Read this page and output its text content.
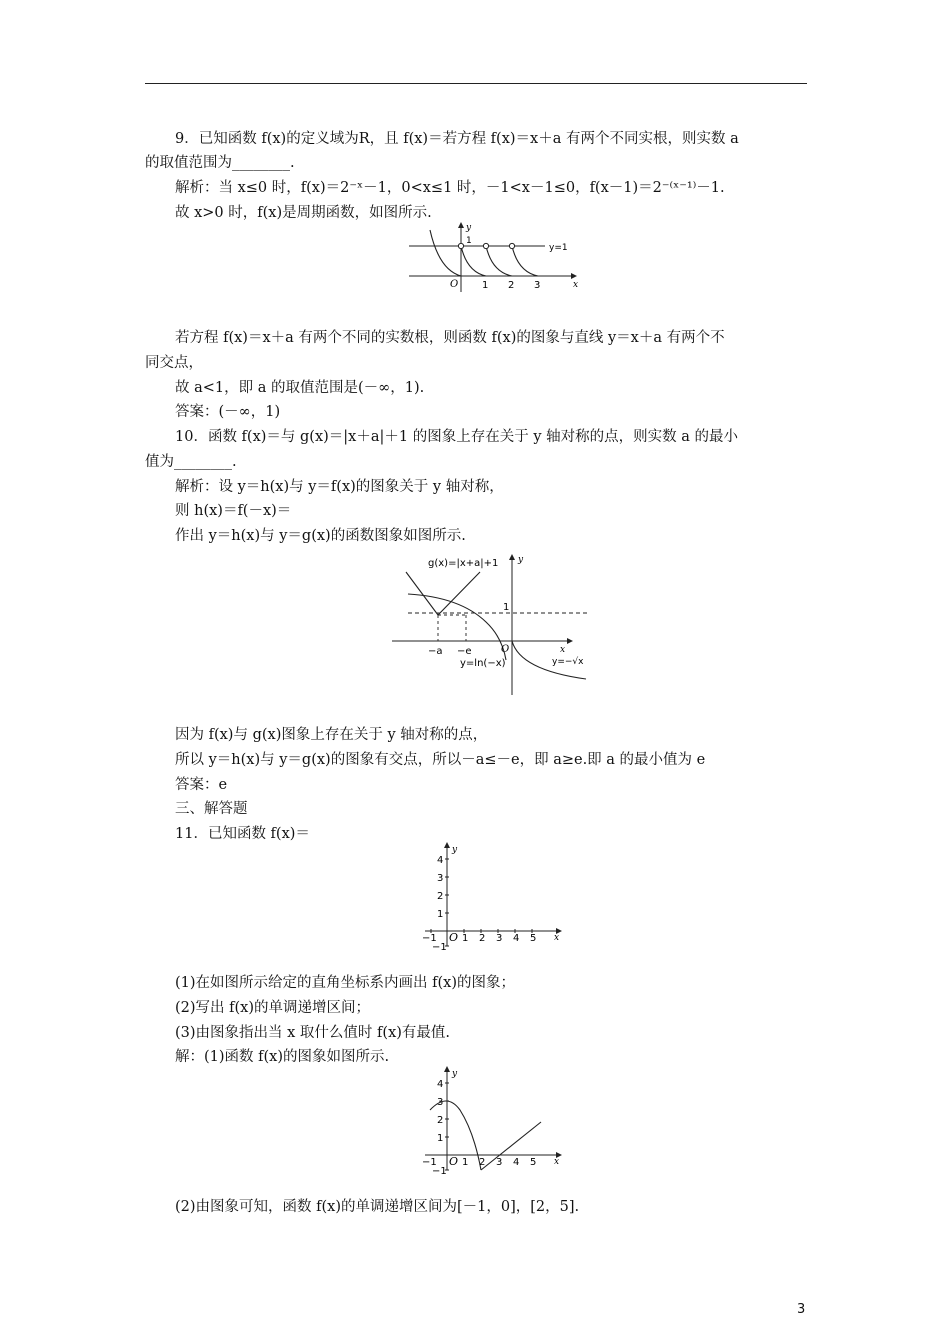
9．已知函数 f(x)的定义域为R，且 f(x)＝若方程 f(x)＝x＋a 有两个不同实根，则实数 a
的取值范围为________.
解析：当 x≤0 时，f(x)＝2⁻ˣ－1，0<x≤1 时，－1<x－1≤0，f(x－1)＝2⁻⁽ˣ⁻¹⁾－1.
故 x>0 时，f(x)是周期函数，如图所示.
y
x
O
1
1 2 3
y=1
若方程 f(x)＝x＋a 有两个不同的实数根，则函数 f(x)的图象与直线 y＝x＋a 有两个不
同交点，
故 a<1，即 a 的取值范围是(－∞，1).
答案：(－∞，1)
10．函数 f(x)＝与 g(x)＝|x＋a|＋1 的图象上存在关于 y 轴对称的点，则实数 a 的最小
值为________.
解析：设 y＝h(x)与 y＝f(x)的图象关于 y 轴对称，
则 h(x)＝f(－x)＝
作出 y＝h(x)与 y＝g(x)的函数图象如图所示.
g(x)=|x+a|+1 y
x
O
1
−a −e
y=ln(−x)	y=−√x
因为 f(x)与 g(x)图象上存在关于 y 轴对称的点，
所以 y＝h(x)与 y＝g(x)的图象有交点，所以－a≤－e，即 a≥e.即 a 的最小值为 e
答案：e
三、解答题
11．已知函数 f(x)＝
y
x
O
−1
−1
1 2 3 4 5
1
2
3
4
(1)在如图所示给定的直角坐标系内画出 f(x)的图象；
(2)写出 f(x)的单调递增区间；
(3)由图象指出当 x 取什么值时 f(x)有最值.
解：(1)函数 f(x)的图象如图所示.
y
x
O
−1
−1
1 2 3 4 5
1
2
3
4
(2)由图象可知，函数 f(x)的单调递增区间为[－1，0]，[2，5].
3
